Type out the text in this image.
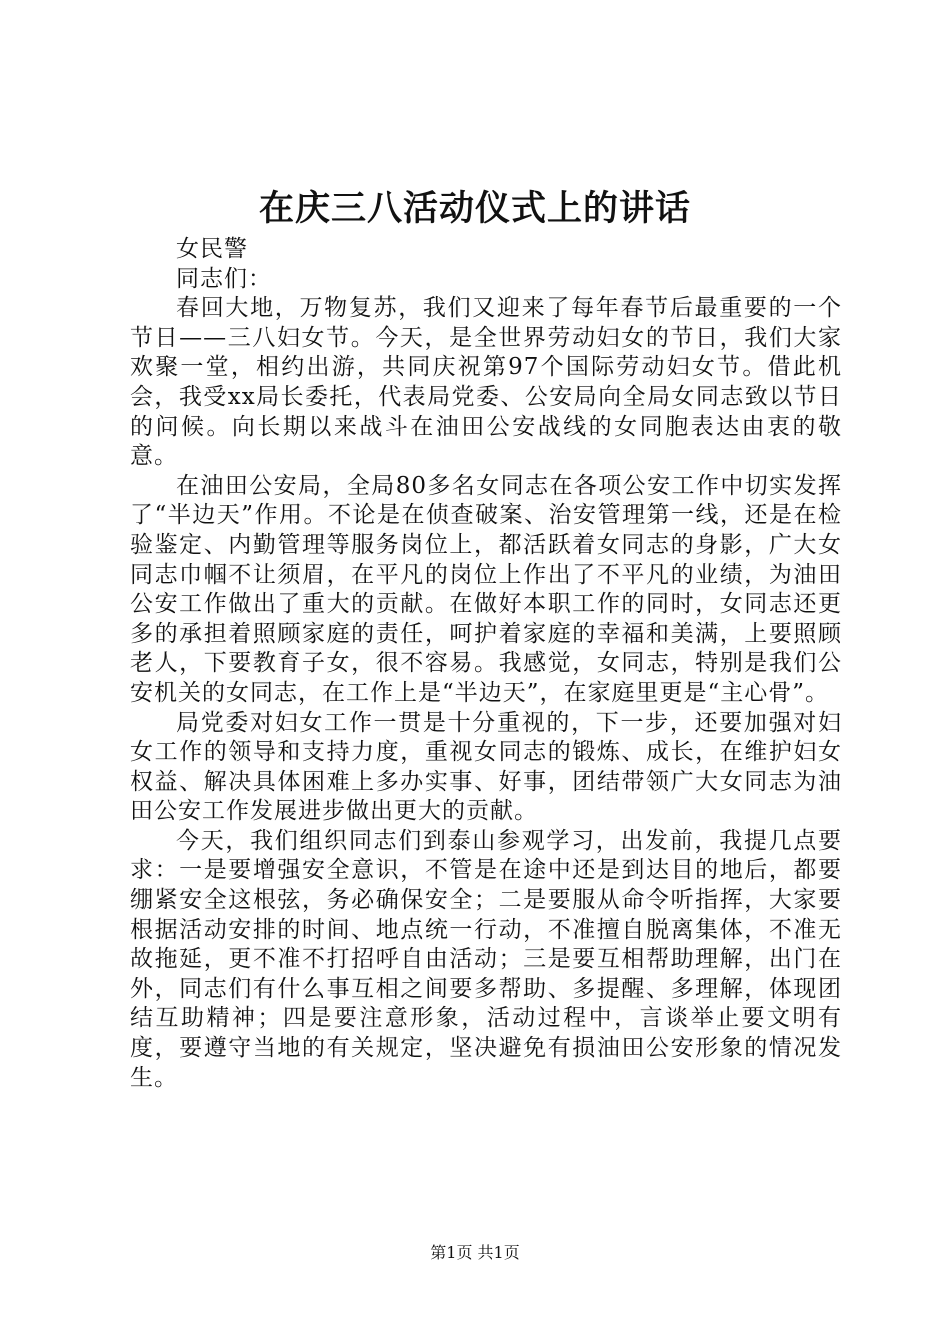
在庆三八活动仪式上的讲话

女民警

同志们：

春回大地，万物复苏，我们又迎来了每年春节后最重要的一个节日——三八妇女节。今天，是全世界劳动妇女的节日，我们大家欢聚一堂，相约出游，共同庆祝第97个国际劳动妇女节。借此机会，我受xx局长委托，代表局党委、公安局向全局女同志致以节日的问候。向长期以来战斗在油田公安战线的女同胞表达由衷的敬意。

在油田公安局，全局80多名女同志在各项公安工作中切实发挥了“半边天”作用。不论是在侦查破案、治安管理第一线，还是在检验鉴定、内勤管理等服务岗位上，都活跃着女同志的身影，广大女同志巾帼不让须眉，在平凡的岗位上作出了不平凡的业绩，为油田公安工作做出了重大的贡献。在做好本职工作的同时，女同志还更多的承担着照顾家庭的责任，呵护着家庭的幸福和美满，上要照顾老人，下要教育子女，很不容易。我感觉，女同志，特别是我们公安机关的女同志，在工作上是“半边天”，在家庭里更是“主心骨”。

局党委对妇女工作一贯是十分重视的，下一步，还要加强对妇女工作的领导和支持力度，重视女同志的锻炼、成长，在维护妇女权益、解决具体困难上多办实事、好事，团结带领广大女同志为油田公安工作发展进步做出更大的贡献。

今天，我们组织同志们到泰山参观学习，出发前，我提几点要求：一是要增强安全意识，不管是在途中还是到达目的地后，都要绷紧安全这根弦，务必确保安全；二是要服从命令听指挥，大家要根据活动安排的时间、地点统一行动，不准擅自脱离集体，不准无故拖延，更不准不打招呼自由活动；三是要互相帮助理解，出门在外，同志们有什么事互相之间要多帮助、多提醒、多理解，体现团结互助精神；四是要注意形象，活动过程中，言谈举止要文明有度，要遵守当地的有关规定，坚决避免有损油田公安形象的情况发生。

第1页 共1页
